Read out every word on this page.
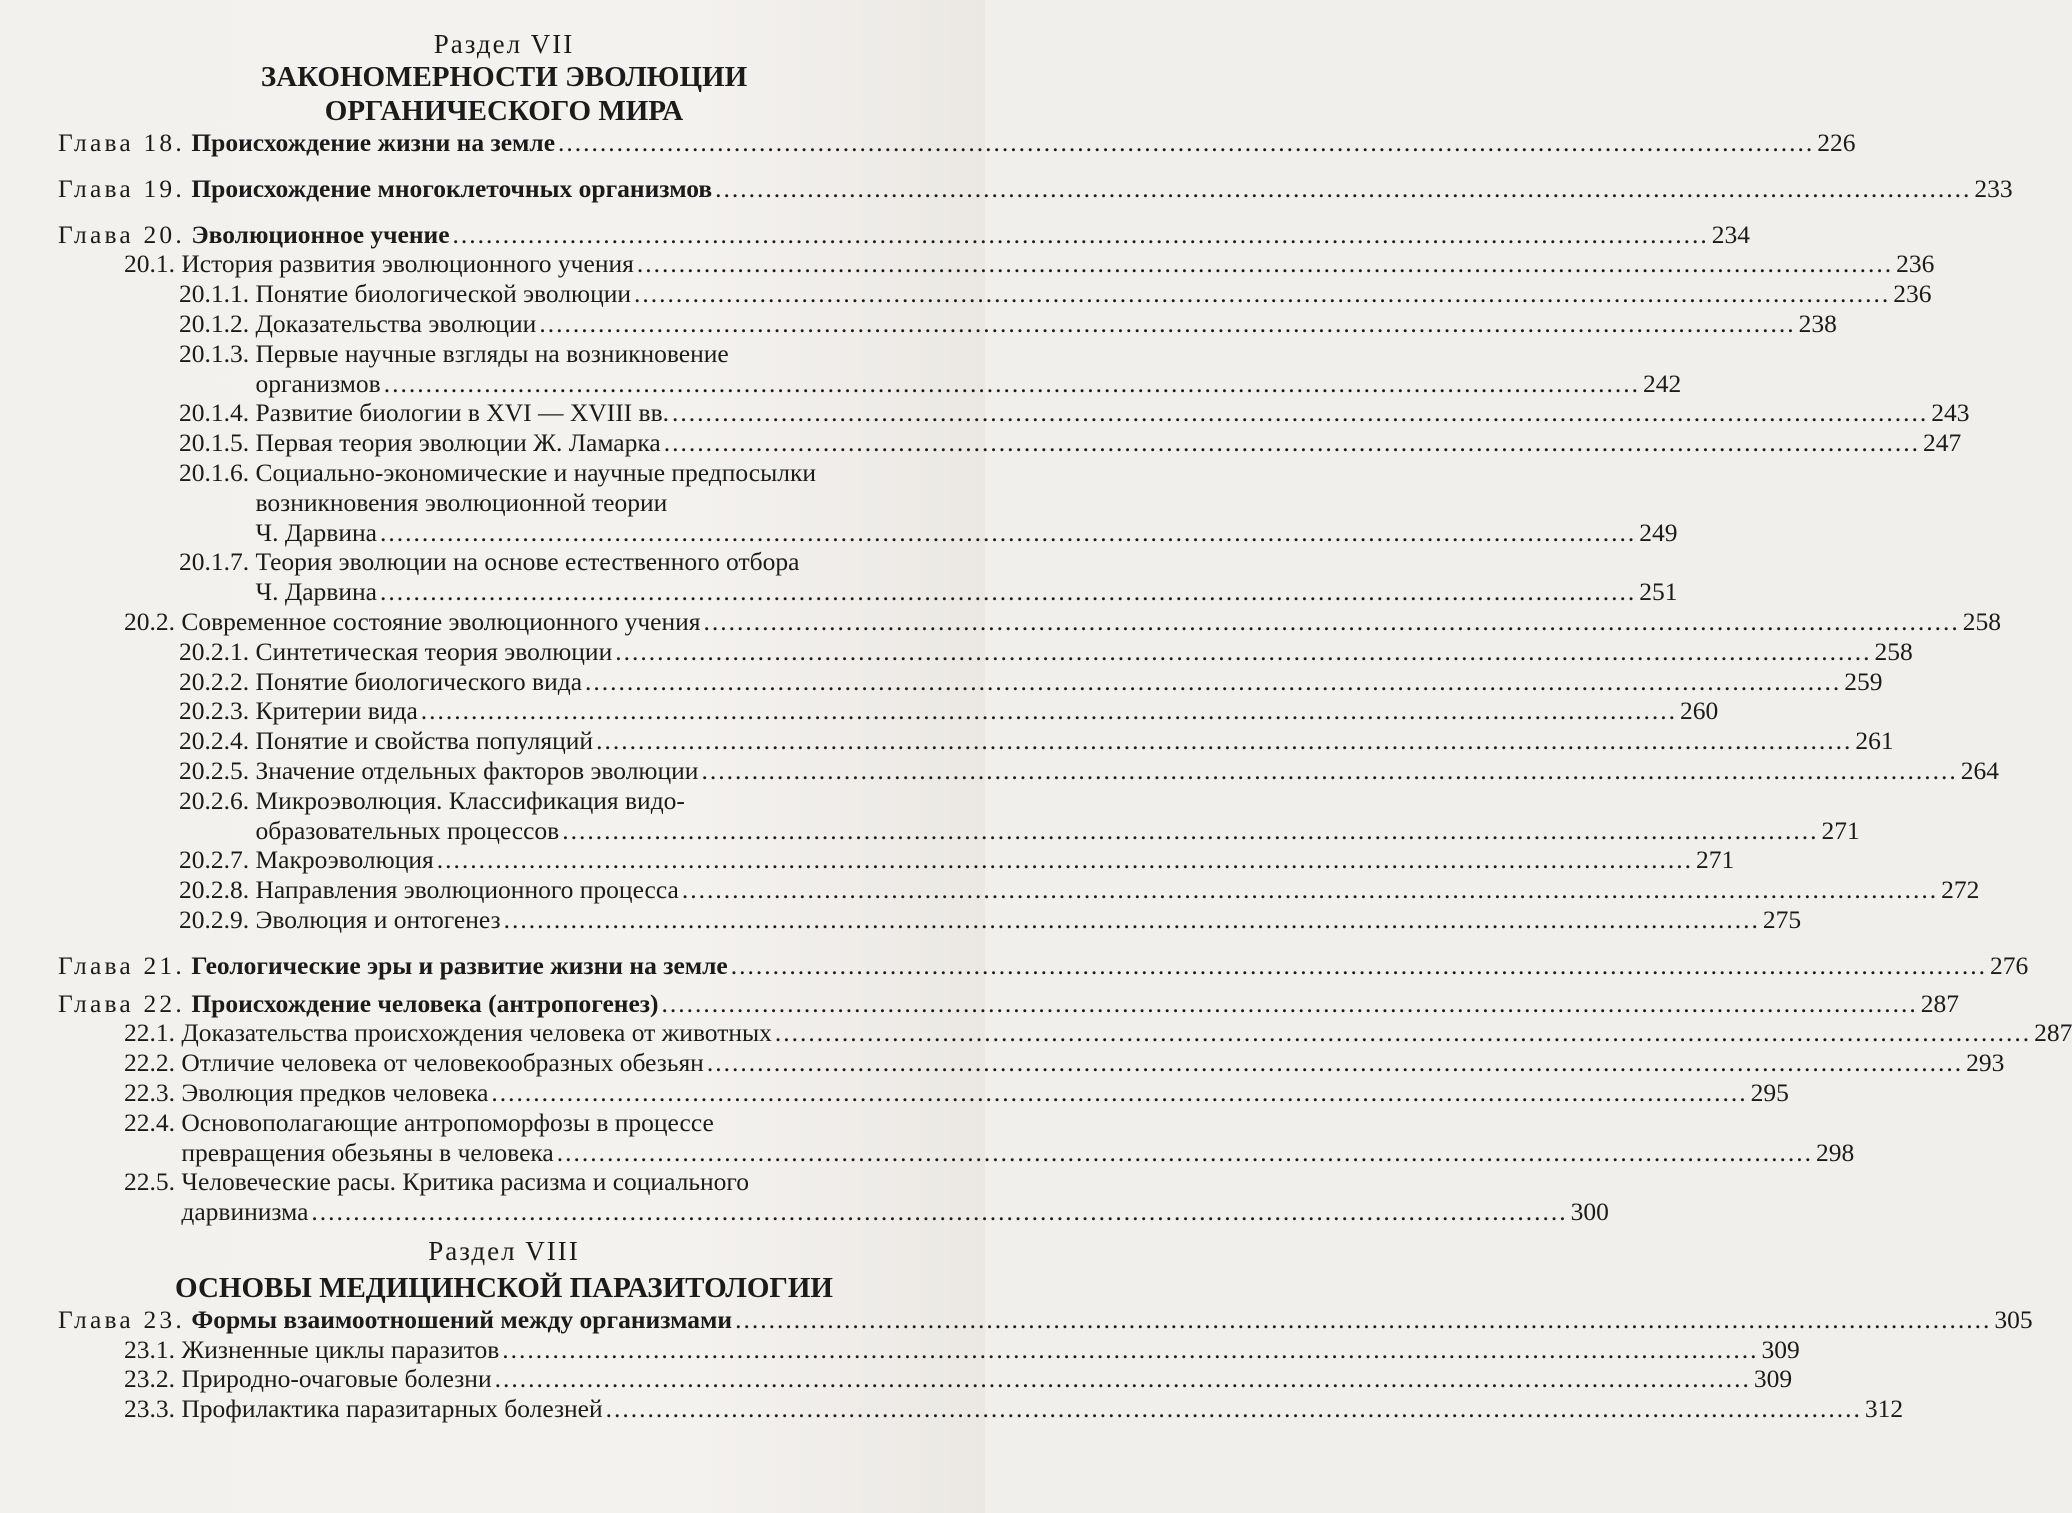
Раздел VII
ЗАКОНОМЕРНОСТИ ЭВОЛЮЦИИ
ОРГАНИЧЕСКОГО МИРА
Глава 18. Происхождение жизни на земле .....	226
Глава 19. Происхождение многоклеточных организмов .....	233
Глава 20. Эволюционное учение .....	234
20.1. История развития эволюционного учения .....	236
20.1.1. Понятие биологической эволюции .....	236
20.1.2. Доказательства эволюции .....	238
20.1.3. Первые научные взгляды на возникновение
организмов .....	242
20.1.4. Развитие биологии в XVI — XVIII вв. .....	243
20.1.5. Первая теория эволюции Ж. Ламарка .....	247
20.1.6. Социально-экономические и научные предпосылки
возникновения эволюционной теории
Ч. Дарвина .....	249
20.1.7. Теория эволюции на основе естественного отбора
Ч. Дарвина .....	251
20.2. Современное состояние эволюционного учения .....	258
20.2.1. Синтетическая теория эволюции .....	258
20.2.2. Понятие биологического вида .....	259
20.2.3. Критерии вида .....	260
20.2.4. Понятие и свойства популяций .....	261
20.2.5. Значение отдельных факторов эволюции .....	264
20.2.6. Микроэволюция. Классификация видо-
образовательных процессов .....	271
20.2.7. Макроэволюция .....	271
20.2.8. Направления эволюционного процесса .....	272
20.2.9. Эволюция и онтогенез .....	275
Глава 21. Геологические эры и развитие жизни на земле .....	276
Глава 22. Происхождение человека (антропогенез) .....	287
22.1. Доказательства происхождения человека от животных .....	287
22.2. Отличие человека от человекообразных обезьян .....	293
22.3. Эволюция предков человека .....	295
22.4. Основополагающие антропоморфозы в процессе
превращения обезьяны в человека .....	298
22.5. Человеческие расы. Критика расизма и социального
дарвинизма .....	300
Раздел VIII
ОСНОВЫ МЕДИЦИНСКОЙ ПАРАЗИТОЛОГИИ
Глава 23. Формы взаимоотношений между организмами .....	305
23.1. Жизненные циклы паразитов .....	309
23.2. Природно-очаговые болезни .....	309
23.3. Профилактика паразитарных болезней .....	312
